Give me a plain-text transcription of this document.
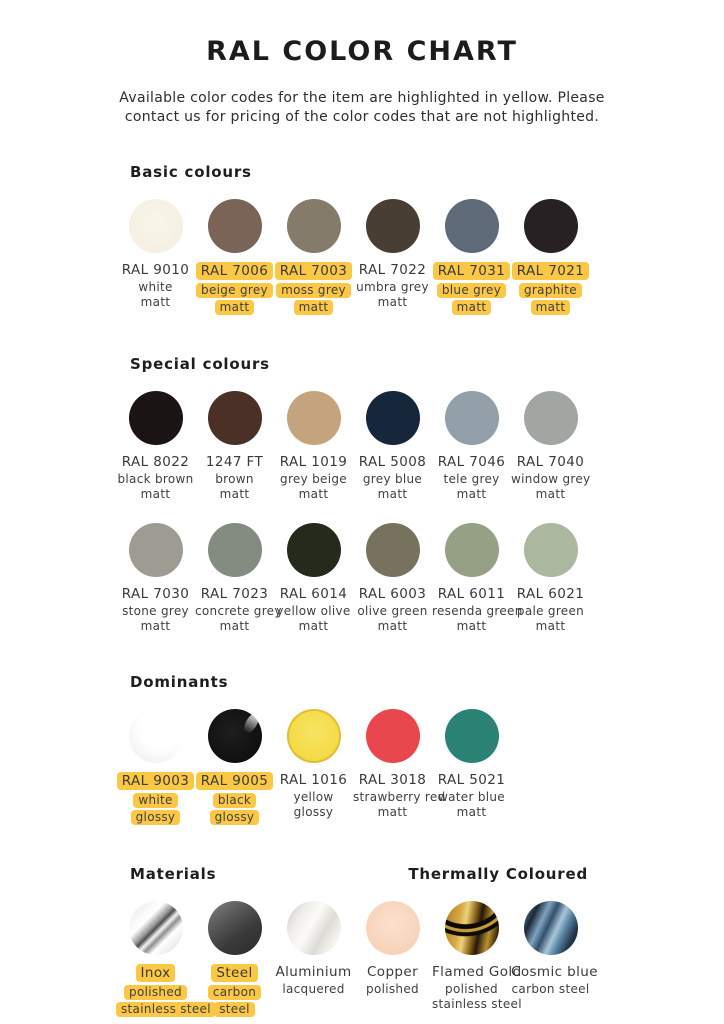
RAL COLOR CHART
Available color codes for the item are highlighted in yellow. Please
contact us for pricing of the color codes that are not highlighted.
Basic colours
RAL 9010
white
matt
RAL 7006
beige grey
matt
RAL 7003
moss grey
matt
RAL 7022
umbra grey
matt
RAL 7031
blue grey
matt
RAL 7021
graphite
matt
Special colours
RAL 8022
black brown
matt
1247 FT
brown
matt
RAL 1019
grey beige
matt
RAL 5008
grey blue
matt
RAL 7046
tele grey
matt
RAL 7040
window grey
matt
RAL 7030
stone grey
matt
RAL 7023
concrete grey
matt
RAL 6014
yellow olive
matt
RAL 6003
olive green
matt
RAL 6011
resenda green
matt
RAL 6021
pale green
matt
Dominants
RAL 9003
white
glossy
RAL 9005
black
glossy
RAL 1016
yellow
glossy
RAL 3018
strawberry red
matt
RAL 5021
water blue
matt
Materials	Thermally Coloured
Inox
polished
stainless steel
Steel
carbon
steel
Aluminium
lacquered
Copper
polished
Flamed Gold
polished
stainless steel
Cosmic blue
carbon steel
